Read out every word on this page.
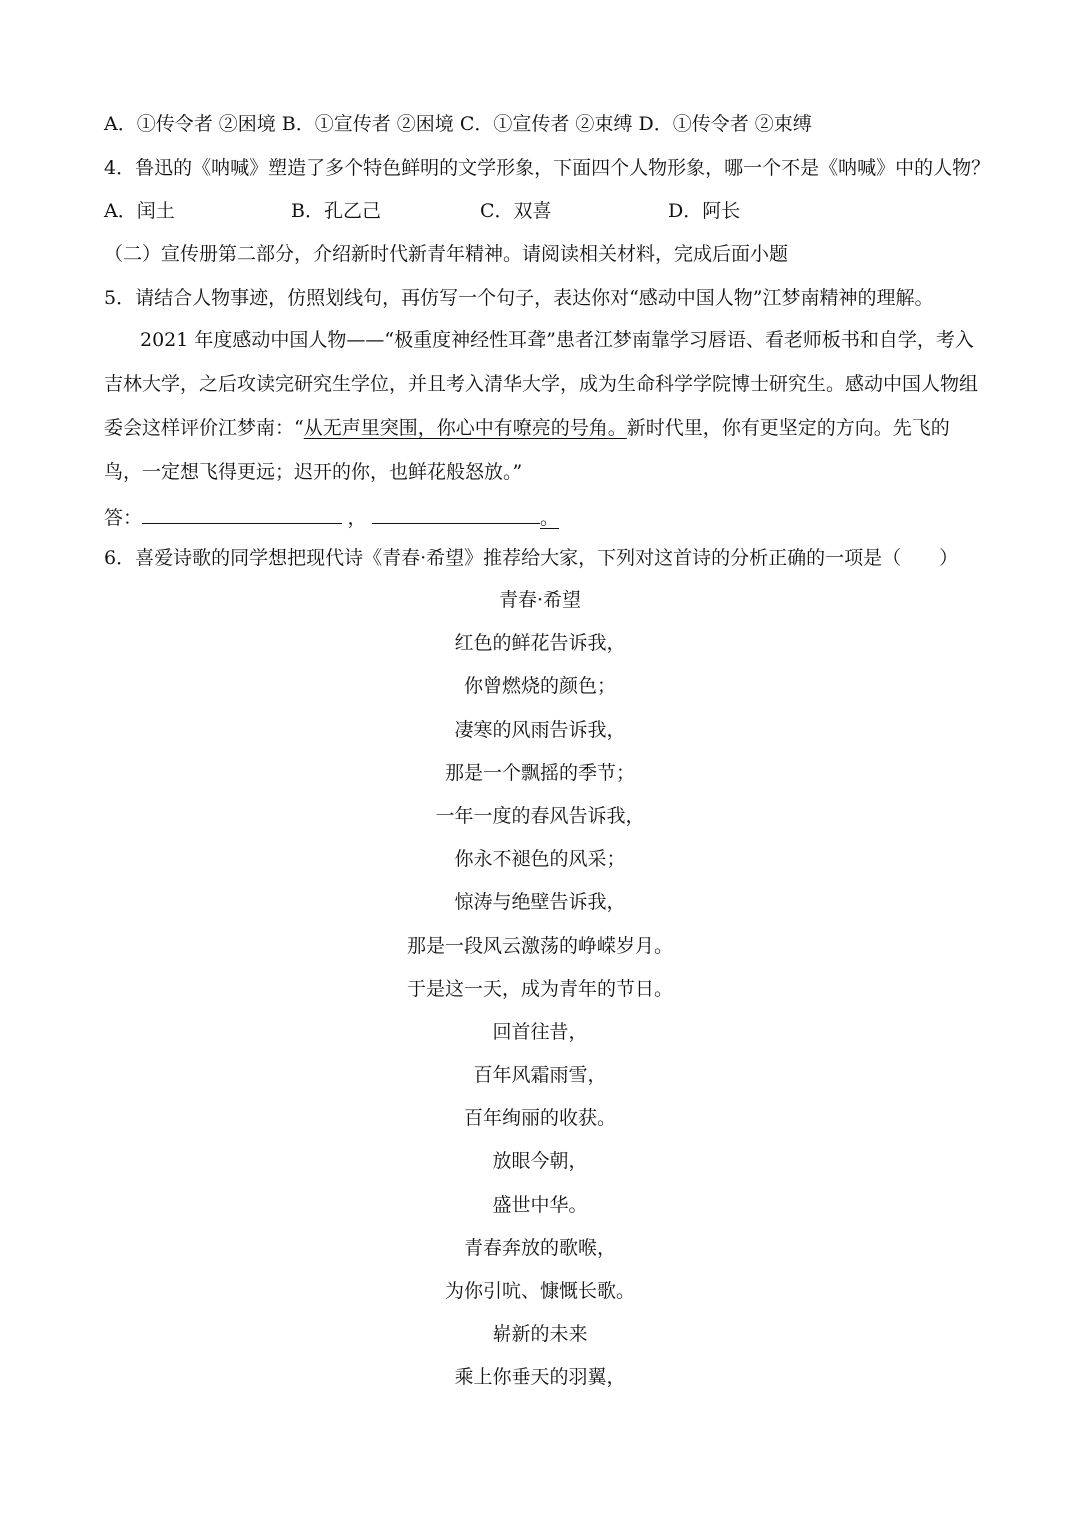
A．①传令者 ②困境 B．①宣传者 ②困境 C．①宣传者 ②束缚 D．①传令者 ②束缚
4．鲁迅的《呐喊》塑造了多个特色鲜明的文学形象，下面四个人物形象，哪一个不是《呐喊》中的人物？
A．闰土	B．孔乙己	C．双喜	D．阿长
（二）宣传册第二部分，介绍新时代新青年精神。请阅读相关材料，完成后面小题
5．请结合人物事迹，仿照划线句，再仿写一个句子，表达你对“感动中国人物”江梦南精神的理解。
2021 年度感动中国人物——“极重度神经性耳聋”患者江梦南靠学习唇语、看老师板书和自学，考入吉林大学，之后攻读完研究生学位，并且考入清华大学，成为生命科学学院博士研究生。感动中国人物组委会这样评价江梦南：“从无声里突围，你心中有嘹亮的号角。新时代里，你有更坚定的方向。先飞的鸟，一定想飞得更远；迟开的你，也鲜花般怒放。”
答：	，	。
6．喜爱诗歌的同学想把现代诗《青春·希望》推荐给大家，下列对这首诗的分析正确的一项是（　　）
青春·希望
红色的鲜花告诉我，
你曾燃烧的颜色；
凄寒的风雨告诉我，
那是一个飘摇的季节；
一年一度的春风告诉我，
你永不褪色的风采；
惊涛与绝壁告诉我，
那是一段风云激荡的峥嵘岁月。
于是这一天，成为青年的节日。
回首往昔，
百年风霜雨雪，
百年绚丽的收获。
放眼今朝，
盛世中华。
青春奔放的歌喉，
为你引吭、慷慨长歌。
崭新的未来
乘上你垂天的羽翼，
